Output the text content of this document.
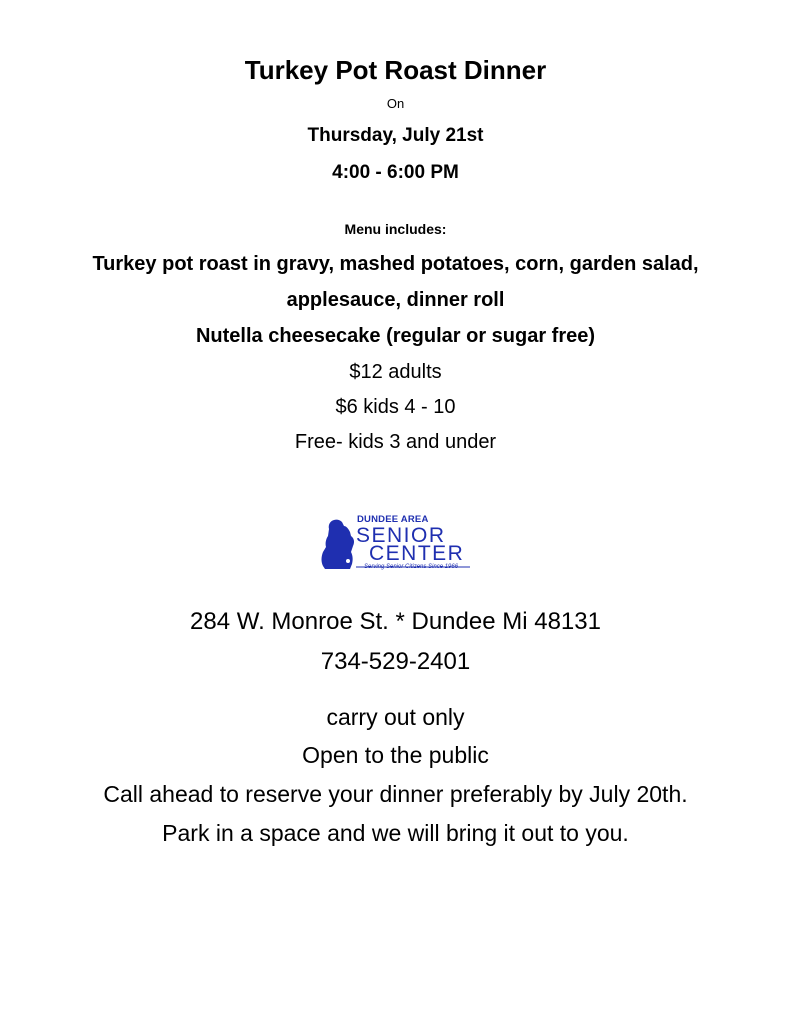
Turkey Pot Roast Dinner
On
Thursday, July 21st
4:00 - 6:00 PM
Menu includes:
Turkey pot roast in gravy, mashed potatoes, corn, garden salad,
applesauce, dinner roll
Nutella cheesecake (regular or sugar free)
$12 adults
$6 kids 4 - 10
Free- kids 3 and under
DUNDEE AREA
SENIOR
CENTER
Serving Senior Citizens Since 1966
284 W. Monroe St. * Dundee Mi 48131
734-529-2401
carry out only
Open to the public
Call ahead to reserve your dinner preferably by July 20th.
Park in a space and we will bring it out to you.
